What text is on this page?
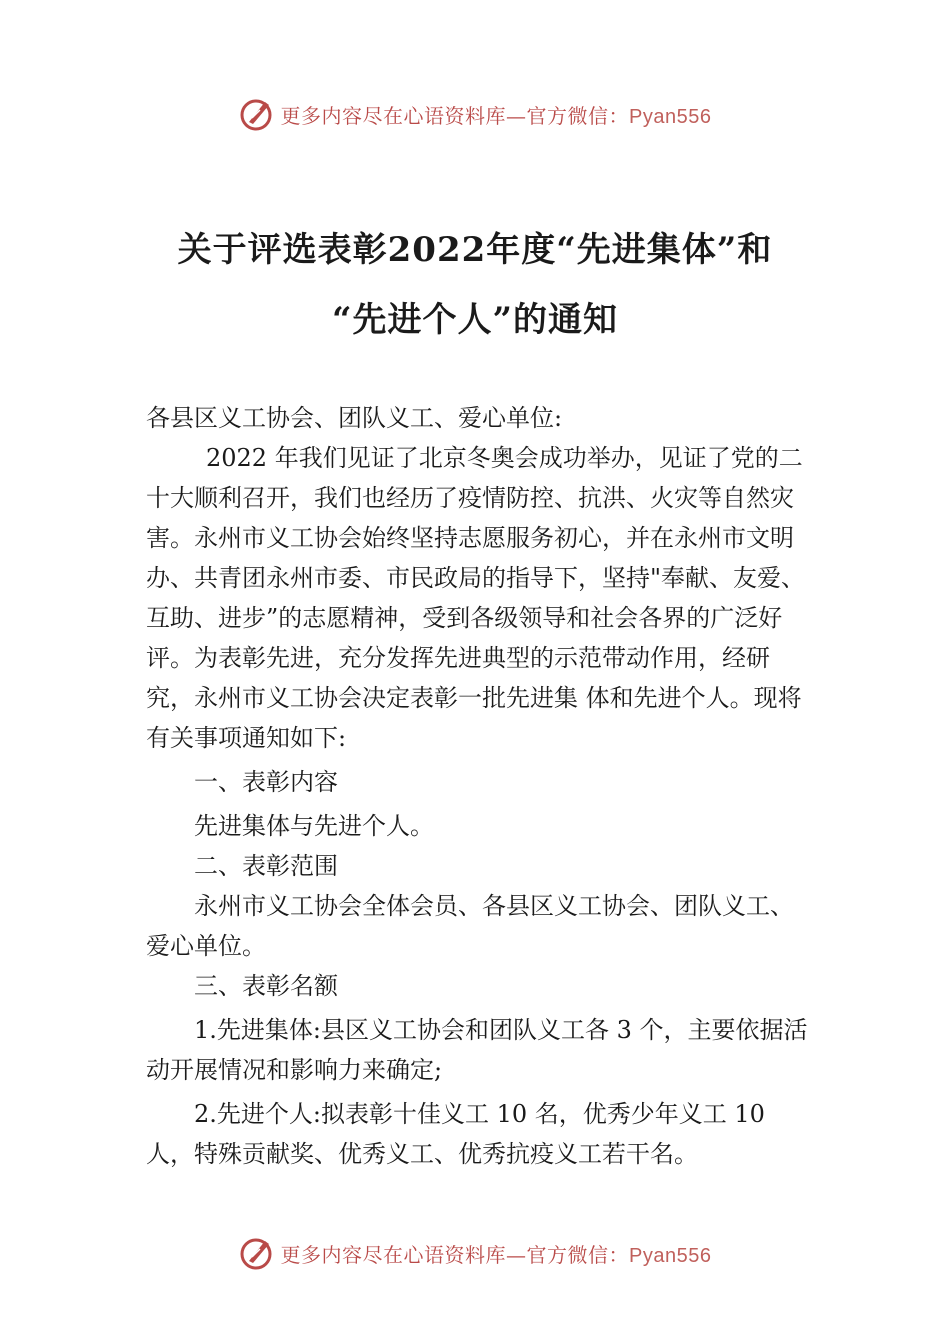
更多内容尽在心语资料库—官方微信：Pyan556
关于评选表彰2022年度“先进集体”和
“先进个人”的通知

各县区义工协会、团队义工、爱心单位:

2022 年我们见证了北京冬奥会成功举办，见证了党的二十大顺利召开，我们也经历了疫情防控、抗洪、火灾等自然灾害。永州市义工协会始终坚持志愿服务初心，并在永州市文明办、共青团永州市委、市民政局的指导下，坚持"奉献、友爱、互助、进步”的志愿精神，受到各级领导和社会各界的广泛好评。为表彰先进，充分发挥先进典型的示范带动作用，经研究，永州市义工协会决定表彰一批先进集 体和先进个人。现将有关事项通知如下:

一、表彰内容

先进集体与先进个人。

二、表彰范围

永州市义工协会全体会员、各县区义工协会、团队义工、爱心单位。

三、表彰名额

1.先进集体:县区义工协会和团队义工各 3 个，主要依据活动开展情况和影响力来确定;

2.先进个人:拟表彰十佳义工 10 名，优秀少年义工 10 人，特殊贡献奖、优秀义工、优秀抗疫义工若干名。

更多内容尽在心语资料库—官方微信：Pyan556
